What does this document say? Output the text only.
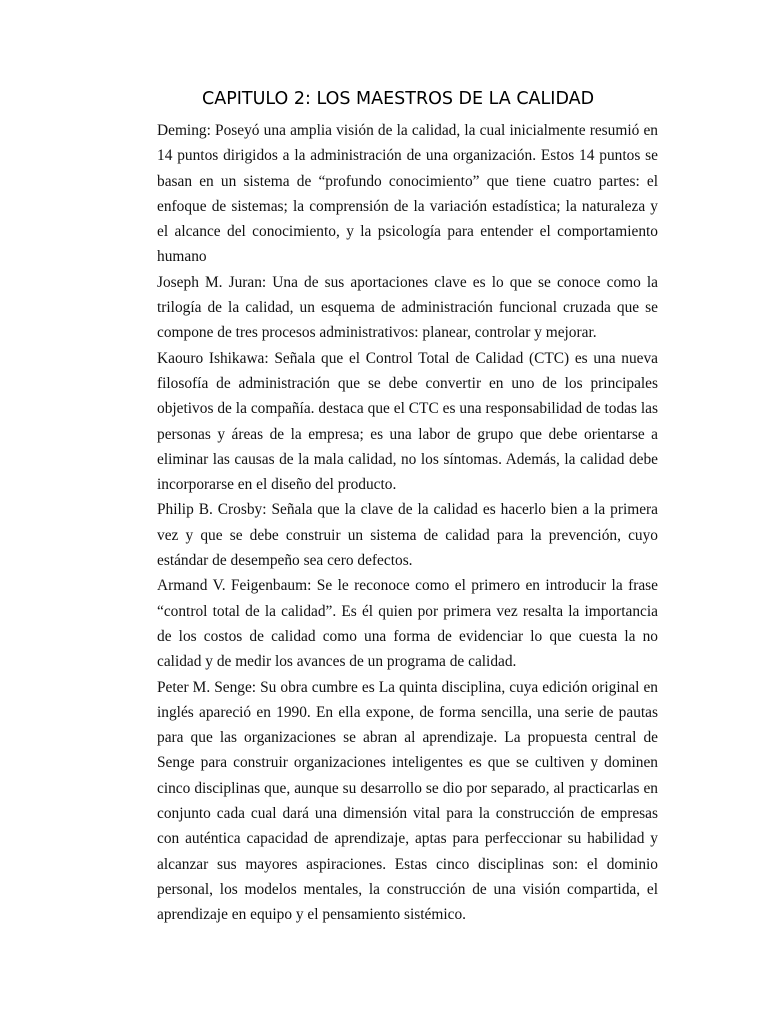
CAPITULO 2: LOS MAESTROS DE LA CALIDAD

Deming: Poseyó una amplia visión de la calidad, la cual inicialmente resumió en 14 puntos dirigidos a la administración de una organización. Estos 14 puntos se basan en un sistema de “profundo conocimiento” que tiene cuatro partes: el enfoque de sistemas; la comprensión de la variación estadística; la naturaleza y el alcance del conocimiento, y la psicología para entender el comportamiento humano

Joseph M. Juran: Una de sus aportaciones clave es lo que se conoce como la trilogía de la calidad, un esquema de administración funcional cruzada que se compone de tres procesos administrativos: planear, controlar y mejorar.

Kaouro Ishikawa: Señala que el Control Total de Calidad (CTC) es una nueva filosofía de administración que se debe convertir en uno de los principales objetivos de la compañía. destaca que el CTC es una responsabilidad de todas las personas y áreas de la empresa; es una labor de grupo que debe orientarse a eliminar las causas de la mala calidad, no los síntomas. Además, la calidad debe incorporarse en el diseño del producto.

Philip B. Crosby: Señala que la clave de la calidad es hacerlo bien a la primera vez y que se debe construir un sistema de calidad para la prevención, cuyo estándar de desempeño sea cero defectos.

Armand V. Feigenbaum: Se le reconoce como el primero en introducir la frase “control total de la calidad”. Es él quien por primera vez resalta la importancia de los costos de calidad como una forma de evidenciar lo que cuesta la no calidad y de medir los avances de un programa de calidad.

Peter M. Senge: Su obra cumbre es La quinta disciplina, cuya edición original en inglés apareció en 1990. En ella expone, de forma sencilla, una serie de pautas para que las organizaciones se abran al aprendizaje. La propuesta central de Senge para construir organizaciones inteligentes es que se cultiven y dominen cinco disciplinas que, aunque su desarrollo se dio por separado, al practicarlas en conjunto cada cual dará una dimensión vital para la construcción de empresas con auténtica capacidad de aprendizaje, aptas para perfeccionar su habilidad y alcanzar sus mayores aspiraciones. Estas cinco disciplinas son: el dominio personal, los modelos mentales, la construcción de una visión compartida, el aprendizaje en equipo y el pensamiento sistémico.
